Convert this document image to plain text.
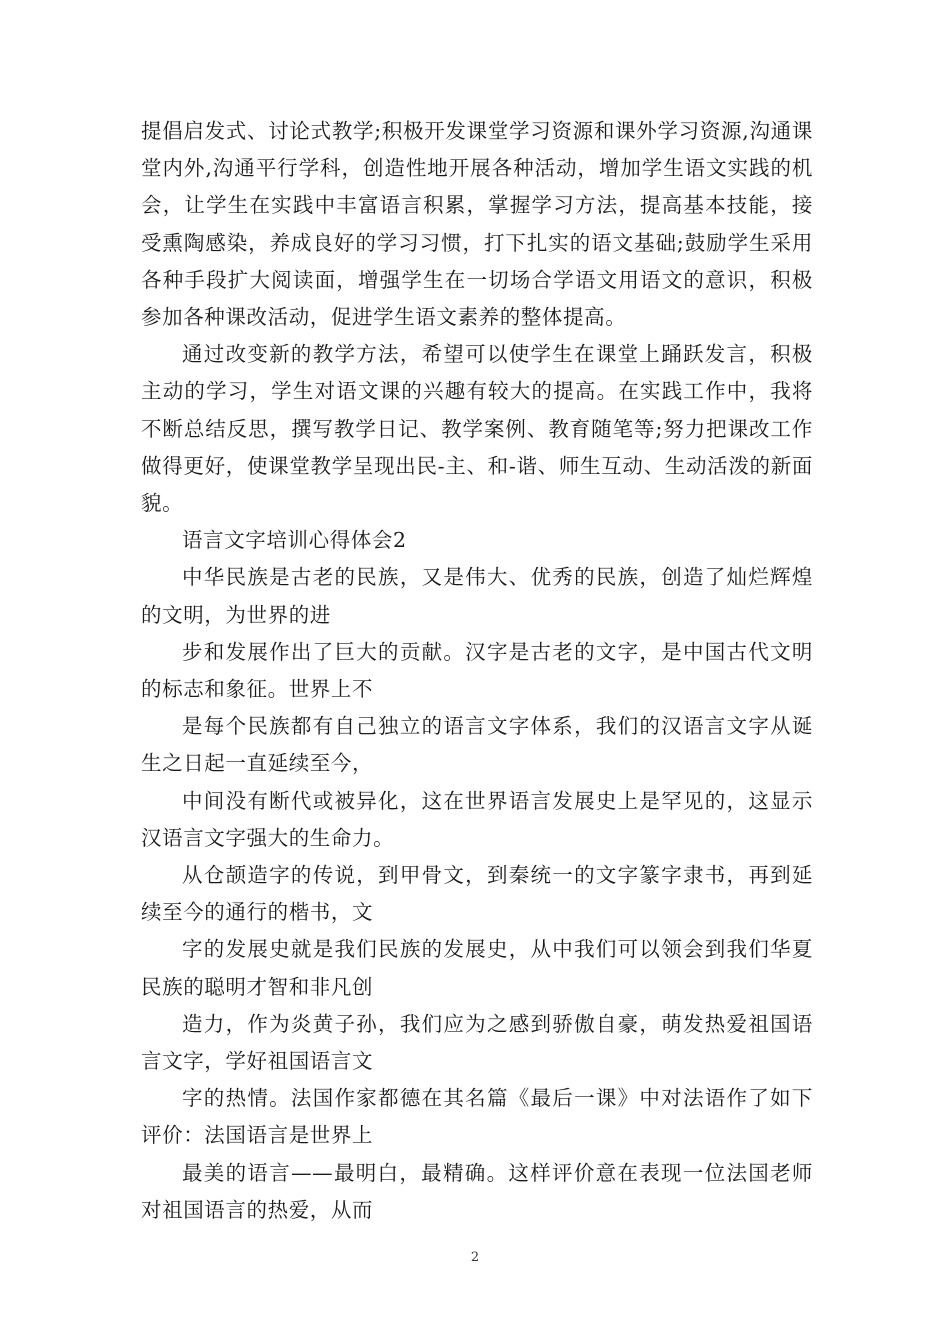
提倡启发式、讨论式教学;积极开发课堂学习资源和课外学习资源,沟通课堂内外,沟通平行学科，创造性地开展各种活动，增加学生语文实践的机会，让学生在实践中丰富语言积累，掌握学习方法，提高基本技能，接受熏陶感染，养成良好的学习习惯，打下扎实的语文基础;鼓励学生采用各种手段扩大阅读面，增强学生在一切场合学语文用语文的意识，积极参加各种课改活动，促进学生语文素养的整体提高。

通过改变新的教学方法，希望可以使学生在课堂上踊跃发言，积极主动的学习，学生对语文课的兴趣有较大的提高。在实践工作中，我将不断总结反思，撰写教学日记、教学案例、教育随笔等;努力把课改工作做得更好，使课堂教学呈现出民-主、和-谐、师生互动、生动活泼的新面貌。

语言文字培训心得体会2

中华民族是古老的民族，又是伟大、优秀的民族，创造了灿烂辉煌的文明，为世界的进

步和发展作出了巨大的贡献。汉字是古老的文字，是中国古代文明的标志和象征。世界上不

是每个民族都有自己独立的语言文字体系，我们的汉语言文字从诞生之日起一直延续至今，

中间没有断代或被异化，这在世界语言发展史上是罕见的，这显示汉语言文字强大的生命力。

从仓颉造字的传说，到甲骨文，到秦统一的文字篆字隶书，再到延续至今的通行的楷书，文

字的发展史就是我们民族的发展史，从中我们可以领会到我们华夏民族的聪明才智和非凡创

造力，作为炎黄子孙，我们应为之感到骄傲自豪，萌发热爱祖国语言文字，学好祖国语言文

字的热情。法国作家都德在其名篇《最后一课》中对法语作了如下评价：法国语言是世界上

最美的语言——最明白，最精确。这样评价意在表现一位法国老师对祖国语言的热爱，从而

2
